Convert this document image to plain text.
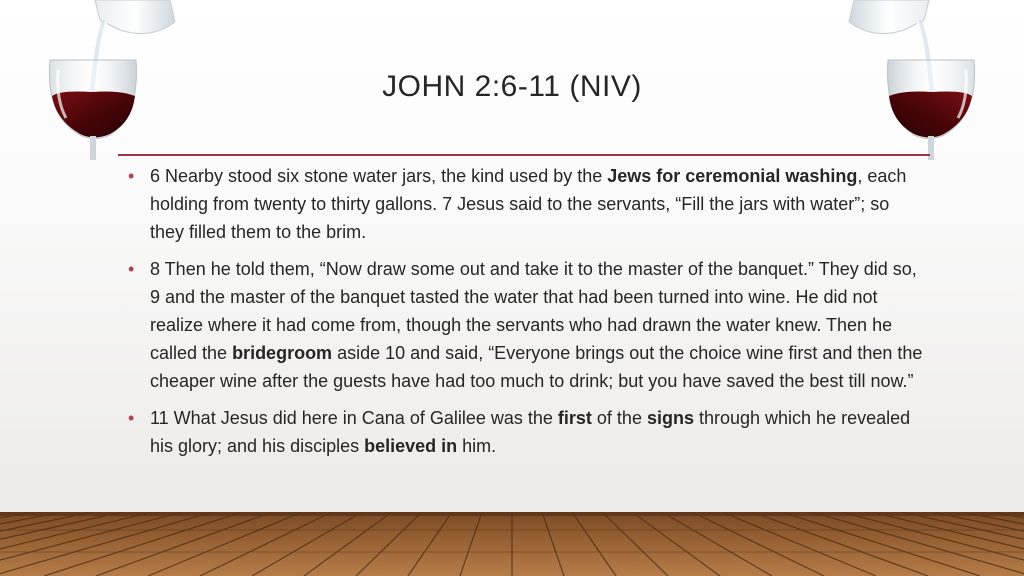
JOHN 2:6-11 (NIV)
• 6 Nearby stood six stone water jars, the kind used by the Jews for ceremonial washing, each holding from twenty to thirty gallons. 7 Jesus said to the servants, “Fill the jars with water”; so they filled them to the brim.
• 8 Then he told them, “Now draw some out and take it to the master of the banquet.” They did so, 9 and the master of the banquet tasted the water that had been turned into wine. He did not realize where it had come from, though the servants who had drawn the water knew. Then he called the bridegroom aside 10 and said, “Everyone brings out the choice wine first and then the cheaper wine after the guests have had too much to drink; but you have saved the best till now.”
• 11 What Jesus did here in Cana of Galilee was the first of the signs through which he revealed his glory; and his disciples believed in him.
